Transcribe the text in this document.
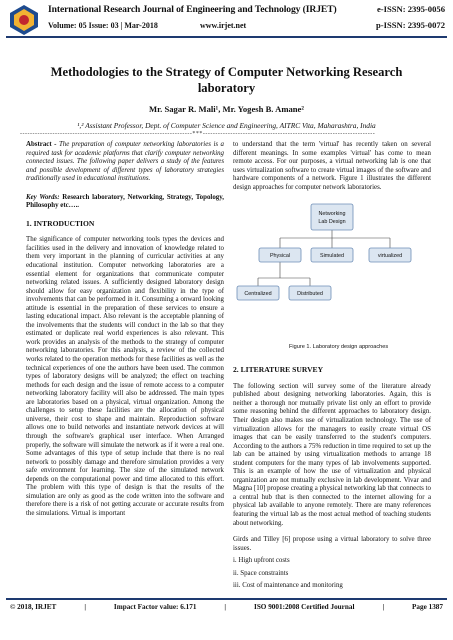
International Research Journal of Engineering and Technology (IRJET)	e-ISSN: 2395-0056
Volume: 05 Issue: 03 | Mar-2018	www.irjet.net	p-ISSN: 2395-0072
Methodologies to the Strategy of Computer Networking Research laboratory
Mr. Sagar R. Mali¹, Mr. Yogesh B. Amane²
¹,² Assistant Professor, Dept. of Computer Science and Engineering, AITRC Vita, Maharashtra, India
---------------------------------------------------------------------***---------------------------------------------------------------------

Abstract - The preparation of computer networking laboratories is a required task for academic platforms that clarify computer networking connected issues. The following paper delivers a study of the features and possible development of different types of laboratory strategies traditionally used in educational institutions.

Key Words: Research laboratory, Networking, Strategy, Topology, Philosophy etc…..

1. INTRODUCTION

The significance of computer networking tools types the devices and facilities used in the delivery and innovation of knowledge related to them very important in the planning of curricular activities at any educational institution. Computer networking laboratories are a essential element for organizations that communicate computer networking related issues. A sufficiently designed laboratory design should allow for easy organization and flexibility in the type of involvements that can be performed in it. Consuming a onward looking attitude is essential in the preparation of these services to ensure a lasting educational impact. Also relevant is the acceptable planning of the involvements that the students will conduct in the lab so that they estimated or duplicate real world experiences is also relevant. This work provides an analysis of the methods to the strategy of computer networking laboratories. For this analysis, a review of the collected works related to the operation methods for these facilities as well as the technical experiences of one the authors have been used. The common types of laboratory designs will be analyzed; the effect on teaching methods for each design and the issue of remote access to a computer networking laboratory facility will also be addressed. The main types are laboratories based on a physical, virtual organization. Among the challenges to setup these facilities are the allocation of physical universe, their cost to shape and maintain. Reproduction software allows one to build networks and instantiate network devices at will through the software's graphical user interface. When Arranged properly, the software will simulate the network as if it were a real one. Some advantages of this type of setup include that there is no real network to possibly damage and therefore simulation provides a very safe environment for learning. The size of the simulated network depends on the computational power and time allocated to this effort. The problem with this type of design is that the results of the simulation are only as good as the code written into the software and therefore there is a risk of not getting accurate or accurate results from the simulations. Virtual is important

to understand that the term 'virtual' has recently taken on several different meanings. In some examples 'virtual' has come to mean remote access. For our purposes, a virtual networking lab is one that uses virtualization software to create virtual images of the software and hardware components of a network. Figure 1 illustrates the different design approaches for computer network laboratories.

Networking
Lab Design
Physical	Simulated	virtualized
Centralized	Distributed
Figure 1. Laboratory design approaches
2. LITERATURE SURVEY

The following section will survey some of the literature already published about designing networking laboratories. Again, this is neither a thorough nor mutually private list only an effort to provide some reasoning behind the different approaches to laboratory design. Their design also makes use of virtualization technology. The use of virtualization allows for the managers to easily create virtual OS images that can be easily transferred to the student's computers. According to the authors a 75% reduction in time required to set up the lab can be attained by using virtualization methods to arrange 18 student computers for the many types of lab involvements supported. This is an example of how the use of virtualization and physical organization are not mutually exclusive in lab development. Vivar and Magna [10] propose creating a physical networking lab that connects to a central hub that is then connected to the internet allowing for a physical lab available to anyone remotely. There are many references featuring the virtual lab as the most actual method of teaching students about networking.

Girds and Tilley [6] propose using a virtual laboratory to solve three issues.

i. High upfront costs

ii. Space constraints

iii. Cost of maintenance and monitoring

© 2018, IRJET	|	Impact Factor value: 6.171	|	ISO 9001:2008 Certified Journal	|	Page 1387
